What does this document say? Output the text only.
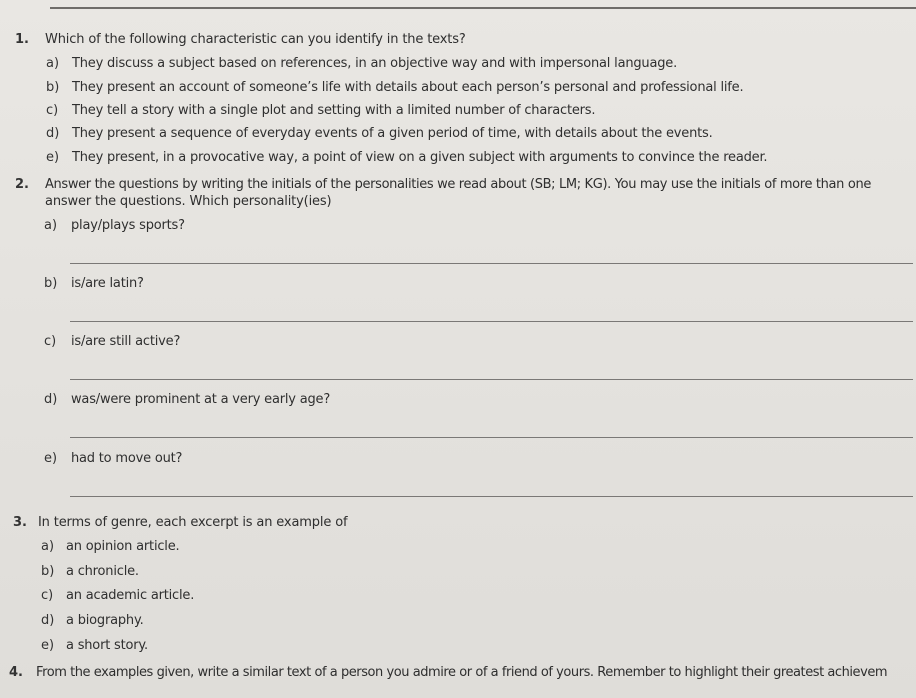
1. Which of the following characteristic can you identify in the texts?
a) They discuss a subject based on references, in an objective way and with impersonal language.
b) They present an account of someone’s life with details about each person’s personal and professional life.
c) They tell a story with a single plot and setting with a limited number of characters.
d) They present a sequence of everyday events of a given period of time, with details about the events.
e) They present, in a provocative way, a point of view on a given subject with arguments to convince the reader.
2. Answer the questions by writing the initials of the personalities we read about (SB; LM; KG). You may use the initials of more than one
answer the questions. Which personality(ies)
a) play/plays sports?
b) is/are latin?
c) is/are still active?
d) was/were prominent at a very early age?
e) had to move out?
3. In terms of genre, each excerpt is an example of
a) an opinion article.
b) a chronicle.
c) an academic article.
d) a biography.
e) a short story.
4. From the examples given, write a similar text of a person you admire or of a friend of yours. Remember to highlight their greatest achievem
